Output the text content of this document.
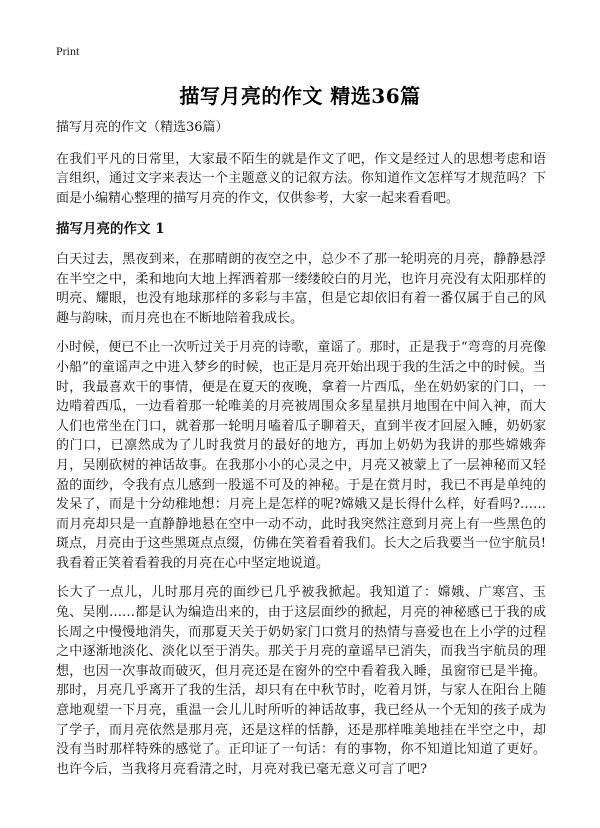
Print
描写月亮的作文 精选36篇

描写月亮的作文（精选36篇）

在我们平凡的日常里，大家最不陌生的就是作文了吧，作文是经过人的思想考虑和语言组织，通过文字来表达一个主题意义的记叙方法。你知道作文怎样写才规范吗？下面是小编精心整理的描写月亮的作文，仅供参考，大家一起来看看吧。

描写月亮的作文 1

白天过去，黑夜到来，在那晴朗的夜空之中，总少不了那一轮明亮的月亮，静静悬浮在半空之中，柔和地向大地上挥洒着那一缕缕皎白的月光，也许月亮没有太阳那样的明亮、耀眼，也没有地球那样的多彩与丰富，但是它却依旧有着一番仅属于自己的风趣与韵味，而月亮也在不断地陪着我成长。

小时候，便已不止一次听过关于月亮的诗歌，童谣了。那时，正是我于“弯弯的月亮像小船”的童谣声之中进入梦乡的时候，也正是月亮开始出现于我的生活之中的时候。当时，我最喜欢干的事情，便是在夏天的夜晚，拿着一片西瓜，坐在奶奶家的门口，一边啃着西瓜，一边看着那一轮唯美的月亮被周围众多星星拱月地围在中间入神，而大人们也常坐在门口，就着那一轮明月嗑着瓜子聊着天，直到半夜才回屋入睡，奶奶家的门口，已凛然成为了儿时我赏月的最好的地方，再加上奶奶为我讲的那些嫦娥奔月，吴刚砍树的神话故事。在我那小小的心灵之中，月亮又被蒙上了一层神秘而又轻盈的面纱，令我有点儿感到一股遥不可及的神秘。于是在赏月时，我已不再是单纯的发呆了，而是十分幼稚地想：月亮上是怎样的呢?嫦娥又是长得什么样，好看吗?……而月亮却只是一直静静地悬在空中一动不动，此时我突然注意到月亮上有一些黑色的斑点，月亮由于这些黑斑点点缀，仿佛在笑着看着我们。长大之后我要当一位宇航员!我看着正笑着看着我的月亮在心中坚定地说道。

长大了一点儿，儿时那月亮的面纱已几乎被我掀起。我知道了：嫦娥、广寒宫、玉兔、吴刚……都是认为编造出来的，由于这层面纱的掀起，月亮的神秘感已于我的成长周之中慢慢地消失，而那夏天关于奶奶家门口赏月的热情与喜爱也在上小学的过程之中逐渐地淡化、淡化以至于消失。那关于月亮的童谣早已消失，而我当宇航员的理想，也因一次事故而破灭，但月亮还是在窗外的空中看着我入睡，虽窗帘已是半掩。那时，月亮几乎离开了我的生活，却只有在中秋节时，吃着月饼，与家人在阳台上随意地观望一下月亮，重温一会儿儿时所听的神话故事，我已经从一个无知的孩子成为了学子，而月亮依然是那月亮，还是这样的恬静，还是那样唯美地挂在半空之中，却没有当时那样特殊的感觉了。正印证了一句话：有的事物，你不知道比知道了更好。也许今后，当我将月亮看清之时，月亮对我已毫无意义可言了吧?
